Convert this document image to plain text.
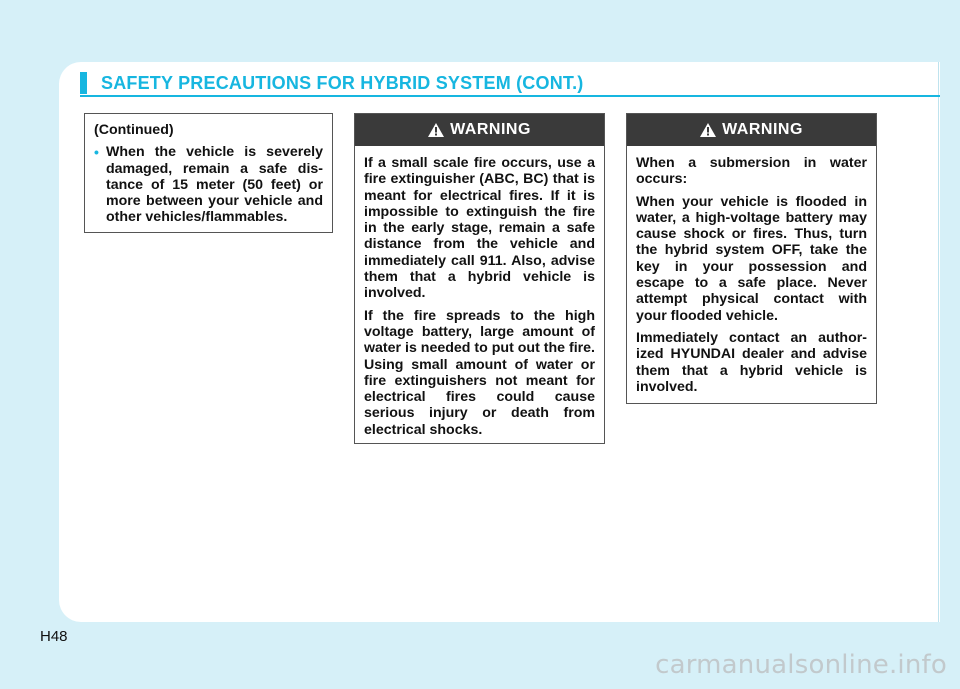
SAFETY PRECAUTIONS FOR HYBRID SYSTEM (CONT.)

(Continued)

• When the vehicle is severely damaged, remain a safe dis-tance of 15 meter (50 feet) or more between your vehicle and other vehicles/flammables.

WARNING

If a small scale fire occurs, use a fire extinguisher (ABC, BC) that is meant for electrical fires. If it is impossible to extinguish the fire in the early stage, remain a safe distance from the vehicle and immediately call 911. Also, advise them that a hybrid vehicle is involved.

If the fire spreads to the high voltage battery, large amount of water is needed to put out the fire. Using small amount of water or fire extinguishers not meant for electrical fires could cause serious injury or death from electrical shocks.

WARNING

When a submersion in water occurs:

When your vehicle is flooded in water, a high-voltage battery may cause shock or fires. Thus, turn the hybrid system OFF, take the key in your possession and escape to a safe place. Never attempt physical contact with your flooded vehicle.

Immediately contact an author-ized HYUNDAI dealer and advise them that a hybrid vehicle is involved.

H48
carmanualsonline.info
